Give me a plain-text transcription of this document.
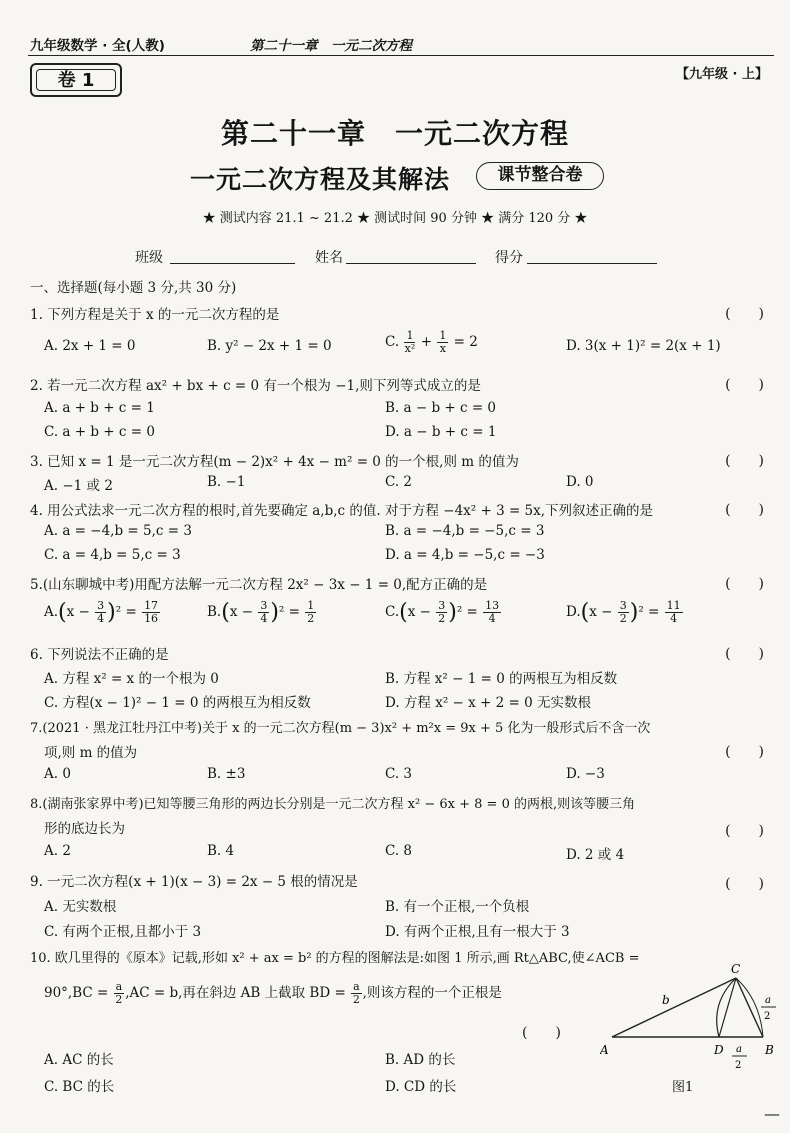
九年级数学 · 全(人教)	第二十一章　一元二次方程
卷 1	【九年级 · 上】
第二十一章　一元二次方程
一元二次方程及其解法	课节整合卷
★ 测试内容 21.1 ~ 21.2 ★ 测试时间 90 分钟 ★ 满分 120 分 ★
班级	姓名	得分
一、选择题(每小题 3 分,共 30 分)
1. 下列方程是关于 x 的一元二次方程的是	(　　)
A. 2x + 1 = 0	B. y² − 2x + 1 = 0	C. $\frac{1}{\text{x²}} + \frac{1}{x} = 2$	D. 3(x + 1)² = 2(x + 1)
2. 若一元二次方程 ax² + bx + c = 0 有一个根为 −1,则下列等式成立的是	(　　)
A. a + b + c = 1	B. a − b + c = 0
C. a + b + c = 0	D. a − b + c = 1
3. 已知 x = 1 是一元二次方程(m − 2)x² + 4x − m² = 0 的一个根,则 m 的值为	(　　)
A. −1 或 2	B. −1	C. 2	D. 0
4. 用公式法求一元二次方程的根时,首先要确定 a,b,c 的值. 对于方程 −4x² + 3 = 5x,下列叙述正确的是	(　　)
A. a = −4,b = 5,c = 3	B. a = −4,b = −5,c = 3
C. a = 4,b = 5,c = 3	D. a = 4,b = −5,c = −3
5.(山东聊城中考)用配方法解一元二次方程 2x² − 3x − 1 = 0,配方正确的是	(　　)
$A.(x - \frac{3}{4} )^2 = \frac{17}{16}$	$B.(x - \frac{3}{4} )^2 = \frac{1}{2}$	$C.(x - \frac{3}{2} )^2 = \frac{13}{4}$	$D.(x - \frac{3}{2} )^2 = \frac{11}{4}$
6. 下列说法不正确的是	(　　)
A. 方程 x² = x 的一个根为 0	B. 方程 x² − 1 = 0 的两根互为相反数
C. 方程(x − 1)² − 1 = 0 的两根互为相反数	D. 方程 x² − x + 2 = 0 无实数根
7.(2021 · 黑龙江牡丹江中考)关于 x 的一元二次方程(m − 3)x² + m²x = 9x + 5 化为一般形式后不含一次
项,则 m 的值为	(　　)
A. 0	B. ±3	C. 3	D. −3
8.(湖南张家界中考)已知等腰三角形的两边长分别是一元二次方程 x² − 6x + 8 = 0 的两根,则该等腰三角
形的底边长为	(　　)
A. 2	B. 4	C. 8	D. 2 或 4
9. 一元二次方程(x + 1)(x − 3) = 2x − 5 根的情况是	(　　)
A. 无实数根	B. 有一个正根,一个负根
C. 有两个正根,且都小于 3	D. 有两个正根,且有一根大于 3
10. 欧几里得的《原本》记载,形如 x² + ax = b² 的方程的图解法是:如图 1 所示,画 Rt△ABC,使∠ACB =
$90^\circ,BC = \frac{a}{2} ,AC = b$,再在斜边 AB 上截取 BD = $\frac{a}{2}$ ,则该方程的一个正根是
(　　)
A. AC 的长	B. AD 的长
C. BC 的长	D. CD 的长
A	D	B
C
b	a
2
a
2
图1
—
